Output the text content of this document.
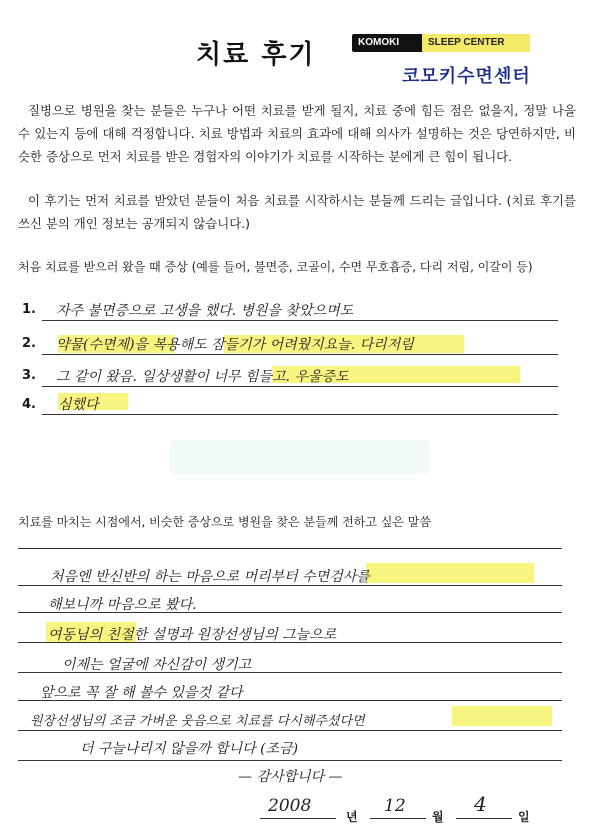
치료 후기	KOMOKI	SLEEP CENTER
코모키수면센터
질병으로 병원을 찾는 분들은 누구나 어떤 치료를 받게 될지, 치료 중에 힘든 점은 없을지, 정말 나을 수 있는지 등에 대해 걱정합니다. 치료 방법과 치료의 효과에 대해 의사가 설명하는 것은 당연하지만, 비슷한 증상으로 먼저 치료를 받은 경험자의 이야기가 치료를 시작하는 분에게 큰 힘이 됩니다.
이 후기는 먼저 치료를 받았던 분들이 처음 치료를 시작하시는 분들께 드리는 글입니다. (치료 후기를 쓰신 분의 개인 정보는 공개되지 않습니다.)
처음 치료를 받으러 왔을 때 증상 (예를 들어, 불면증, 코골이, 수면 무호흡증, 다리 저림, 이갈이 등)
1. 자주 불면증으로 고생을 했다. 병원을 찾았으며도
2. 약물(수면제)을 복용해도 잠들기가 어려웠지요늘. 다리저림
3. 그 같이 왔음. 일상생활이 너무 힘들고. 우울증도
4. 심했다
치료를 마치는 시점에서, 비슷한 증상으로 병원을 찾은 분들께 전하고 싶은 말씀
처음엔 반신반의 하는 마음으로 머리부터 수면검사를
해보니까 마음으로 봤다.
여동님의 친절한 설명과 원장선생님의 그늘으로
이제는 얼굴에 자신감이 생기고
앞으로 꼭 잘 해 볼수 있을것 같다
원장선생님의 조금 가벼운 웃음으로 치료를 다시해주셨다면
더 구늘나리지 않을까 합니다 (조금)
— 감사합니다 —
2008
년
12
월
4
일
